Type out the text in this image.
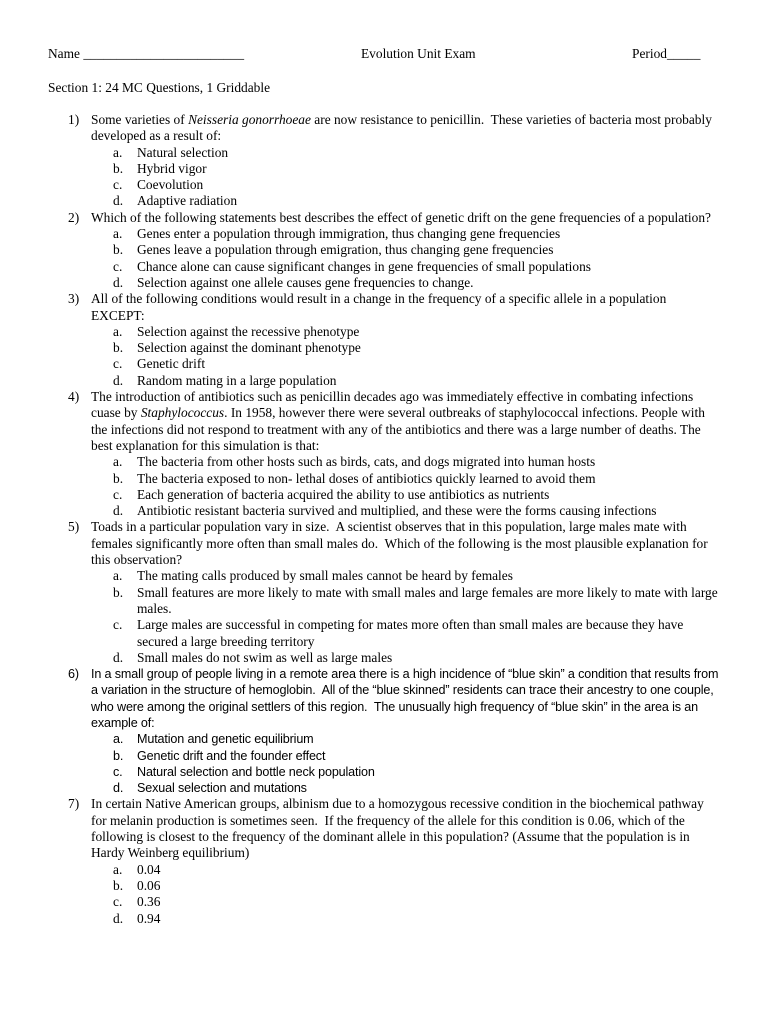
Name ________________________	Evolution Unit Exam	Period_____
Section 1: 24 MC Questions, 1 Griddable
1) Some varieties of Neisseria gonorrhoeae are now resistance to penicillin.  These varieties of bacteria most probably developed as a result of:
a. Natural selection
b. Hybrid vigor
c. Coevolution
d. Adaptive radiation
2) Which of the following statements best describes the effect of genetic drift on the gene frequencies of a population?
a. Genes enter a population through immigration, thus changing gene frequencies
b. Genes leave a population through emigration, thus changing gene frequencies
c. Chance alone can cause significant changes in gene frequencies of small populations
d. Selection against one allele causes gene frequencies to change.
3) All of the following conditions would result in a change in the frequency of a specific allele in a population EXCEPT:
a. Selection against the recessive phenotype
b. Selection against the dominant phenotype
c. Genetic drift
d. Random mating in a large population
4) The introduction of antibiotics such as penicillin decades ago was immediately effective in combating infections cuase by Staphylococcus. In 1958, however there were several outbreaks of staphylococcal infections. People with the infections did not respond to treatment with any of the antibiotics and there was a large number of deaths. The best explanation for this simulation is that:
a. The bacteria from other hosts such as birds, cats, and dogs migrated into human hosts
b. The bacteria exposed to non- lethal doses of antibiotics quickly learned to avoid them
c. Each generation of bacteria acquired the ability to use antibiotics as nutrients
d. Antibiotic resistant bacteria survived and multiplied, and these were the forms causing infections
5) Toads in a particular population vary in size.  A scientist observes that in this population, large males mate with females significantly more often than small males do.  Which of the following is the most plausible explanation for this observation?
a. The mating calls produced by small males cannot be heard by females
b. Small features are more likely to mate with small males and large females are more likely to mate with large males.
c. Large males are successful in competing for mates more often than small males are because they have secured a large breeding territory
d. Small males do not swim as well as large males
6) In a small group of people living in a remote area there is a high incidence of “blue skin” a condition that results from a variation in the structure of hemoglobin.  All of the “blue skinned” residents can trace their ancestry to one couple, who were among the original settlers of this region.  The unusually high frequency of “blue skin” in the area is an example of:
a. Mutation and genetic equilibrium
b. Genetic drift and the founder effect
c. Natural selection and bottle neck population
d. Sexual selection and mutations
7) In certain Native American groups, albinism due to a homozygous recessive condition in the biochemical pathway for melanin production is sometimes seen.  If the frequency of the allele for this condition is 0.06, which of the following is closest to the frequency of the dominant allele in this population? (Assume that the population is in Hardy Weinberg equilibrium)
a. 0.04
b. 0.06
c. 0.36
d. 0.94
